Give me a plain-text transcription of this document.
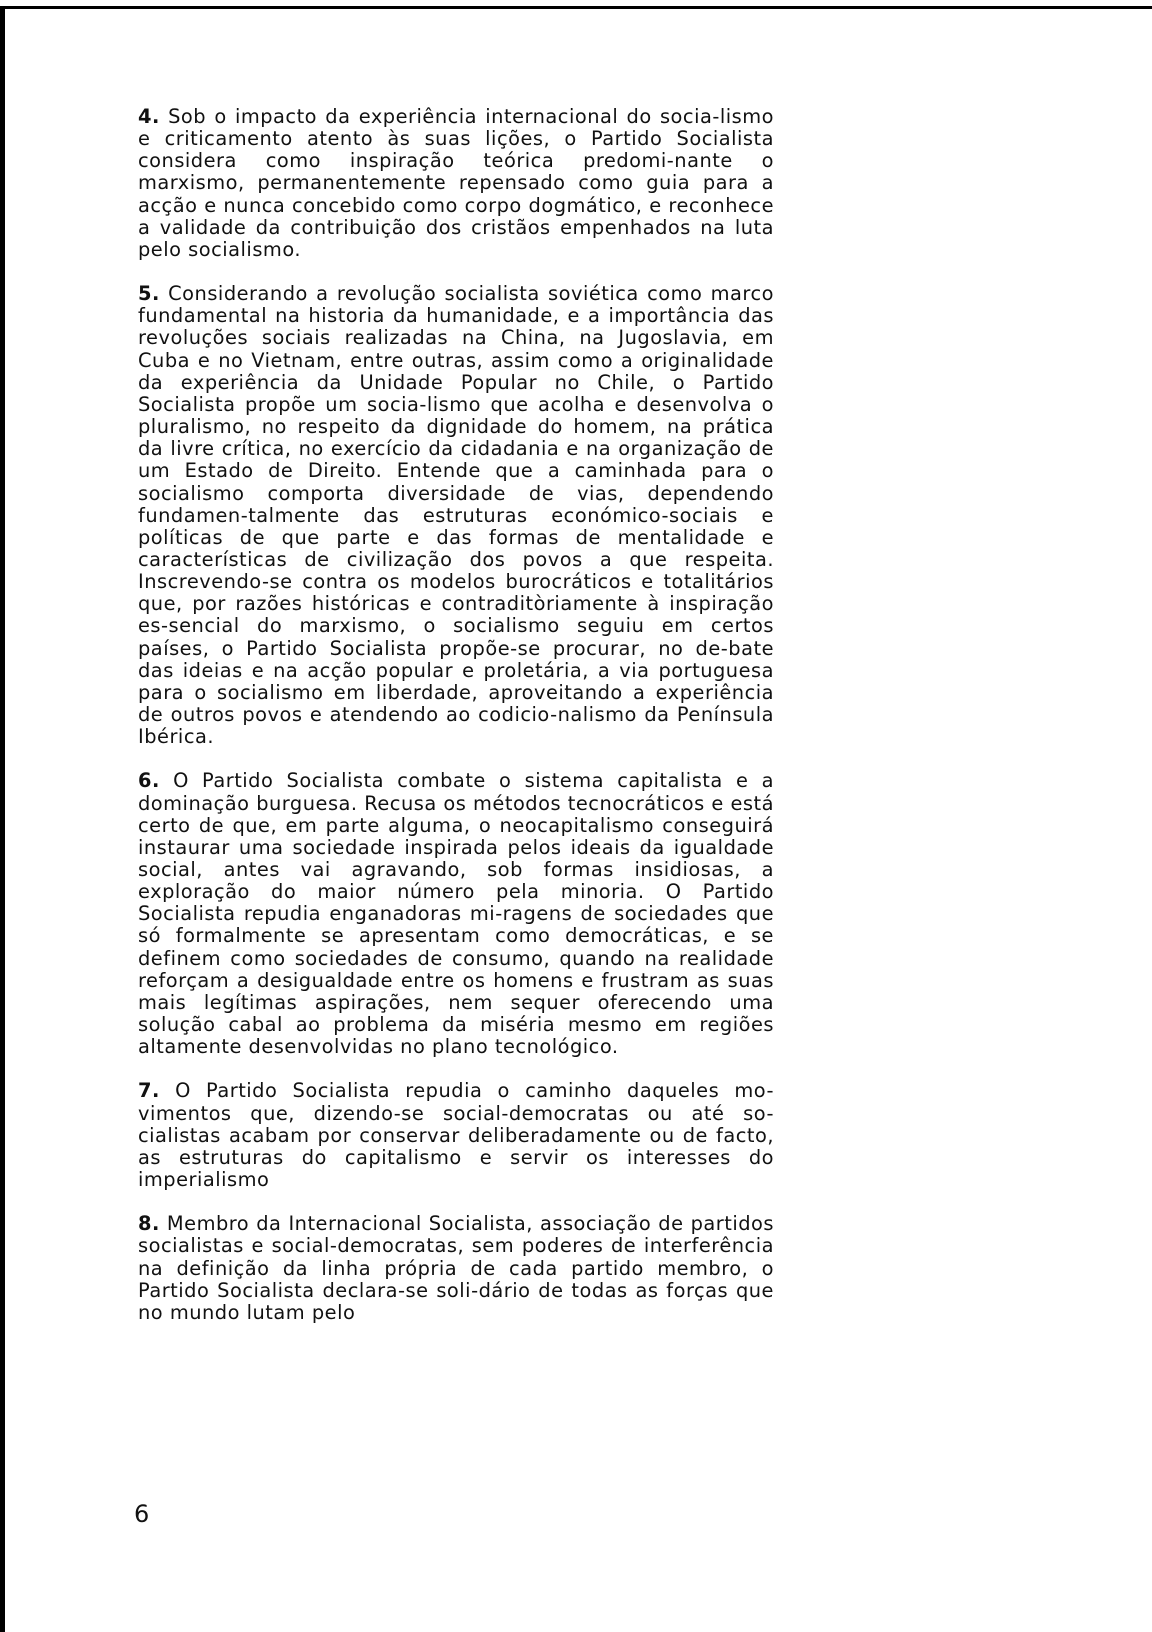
4. Sob o impacto da experiência internacional do socia-lismo e criticamento atento às suas lições, o Partido Socialista considera como inspiração teórica predomi-nante o marxismo, permanentemente repensado como guia para a acção e nunca concebido como corpo dogmático, e reconhece a validade da contribuição dos cristãos empenhados na luta pelo socialismo.

5. Considerando a revolução socialista soviética como marco fundamental na historia da humanidade, e a importância das revoluções sociais realizadas na China, na Jugoslavia, em Cuba e no Vietnam, entre outras, assim como a originalidade da experiência da Unidade Popular no Chile, o Partido Socialista propõe um socia-lismo que acolha e desenvolva o pluralismo, no respeito da dignidade do homem, na prática da livre crítica, no exercício da cidadania e na organização de um Estado de Direito. Entende que a caminhada para o socialismo comporta diversidade de vias, dependendo fundamen-talmente das estruturas económico-sociais e políticas de que parte e das formas de mentalidade e características de civilização dos povos a que respeita. Inscrevendo-se contra os modelos burocráticos e totalitários que, por razões históricas e contraditòriamente à inspiração es-sencial do marxismo, o socialismo seguiu em certos países, o Partido Socialista propõe-se procurar, no de-bate das ideias e na acção popular e proletária, a via portuguesa para o socialismo em liberdade, aproveitando a experiência de outros povos e atendendo ao codicio-nalismo da Península Ibérica.

6. O Partido Socialista combate o sistema capitalista e a dominação burguesa. Recusa os métodos tecnocráticos e está certo de que, em parte alguma, o neocapitalismo conseguirá instaurar uma sociedade inspirada pelos ideais da igualdade social, antes vai agravando, sob formas insidiosas, a exploração do maior número pela minoria. O Partido Socialista repudia enganadoras mi-ragens de sociedades que só formalmente se apresentam como democráticas, e se definem como sociedades de consumo, quando na realidade reforçam a desigualdade entre os homens e frustram as suas mais legítimas aspirações, nem sequer oferecendo uma solução cabal ao problema da miséria mesmo em regiões altamente desenvolvidas no plano tecnológico.

7. O Partido Socialista repudia o caminho daqueles mo-vimentos que, dizendo-se social-democratas ou até so-cialistas acabam por conservar deliberadamente ou de facto, as estruturas do capitalismo e servir os interesses do imperialismo

8. Membro da Internacional Socialista, associação de partidos socialistas e social-democratas, sem poderes de interferência na definição da linha própria de cada partido membro, o Partido Socialista declara-se soli-dário de todas as forças que no mundo lutam pelo

6
